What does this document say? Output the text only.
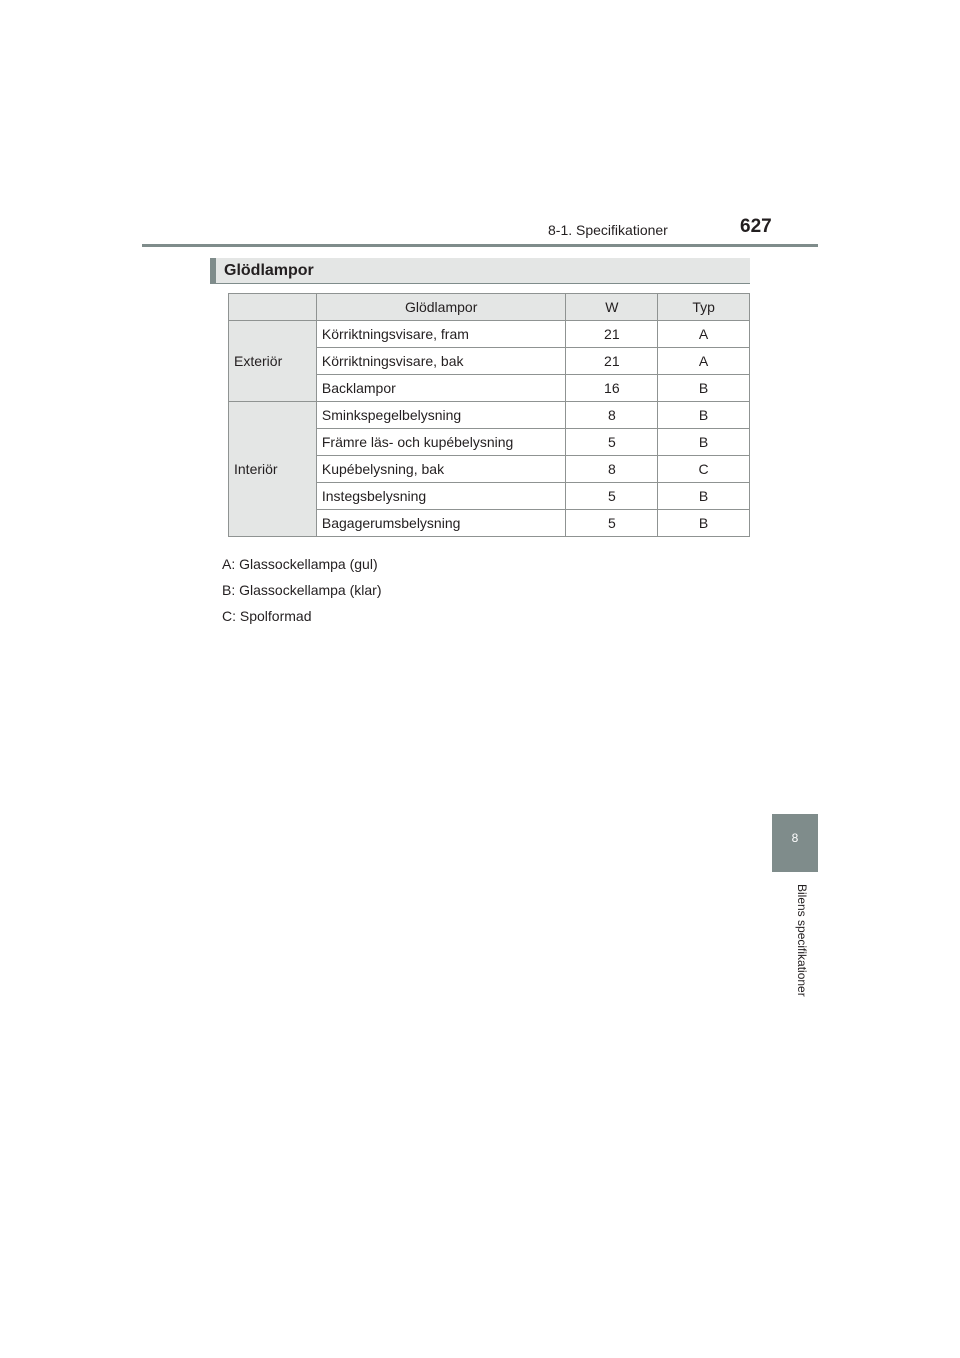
8-1. Specifikationer	627
Glödlampor
	Glödlampor	W	Typ
Exteriör	Körriktningsvisare, fram	21	A
	Körriktningsvisare, bak	21	A
	Backlampor	16	B
Interiör	Sminkspegelbelysning	8	B
	Främre läs- och kupébelysning	5	B
	Kupébelysning, bak	8	C
	Instegsbelysning	5	B
	Bagagerumsbelysning	5	B
A: Glassockellampa (gul)
B: Glassockellampa (klar)
C: Spolformad
8
Bilens specifikationer
